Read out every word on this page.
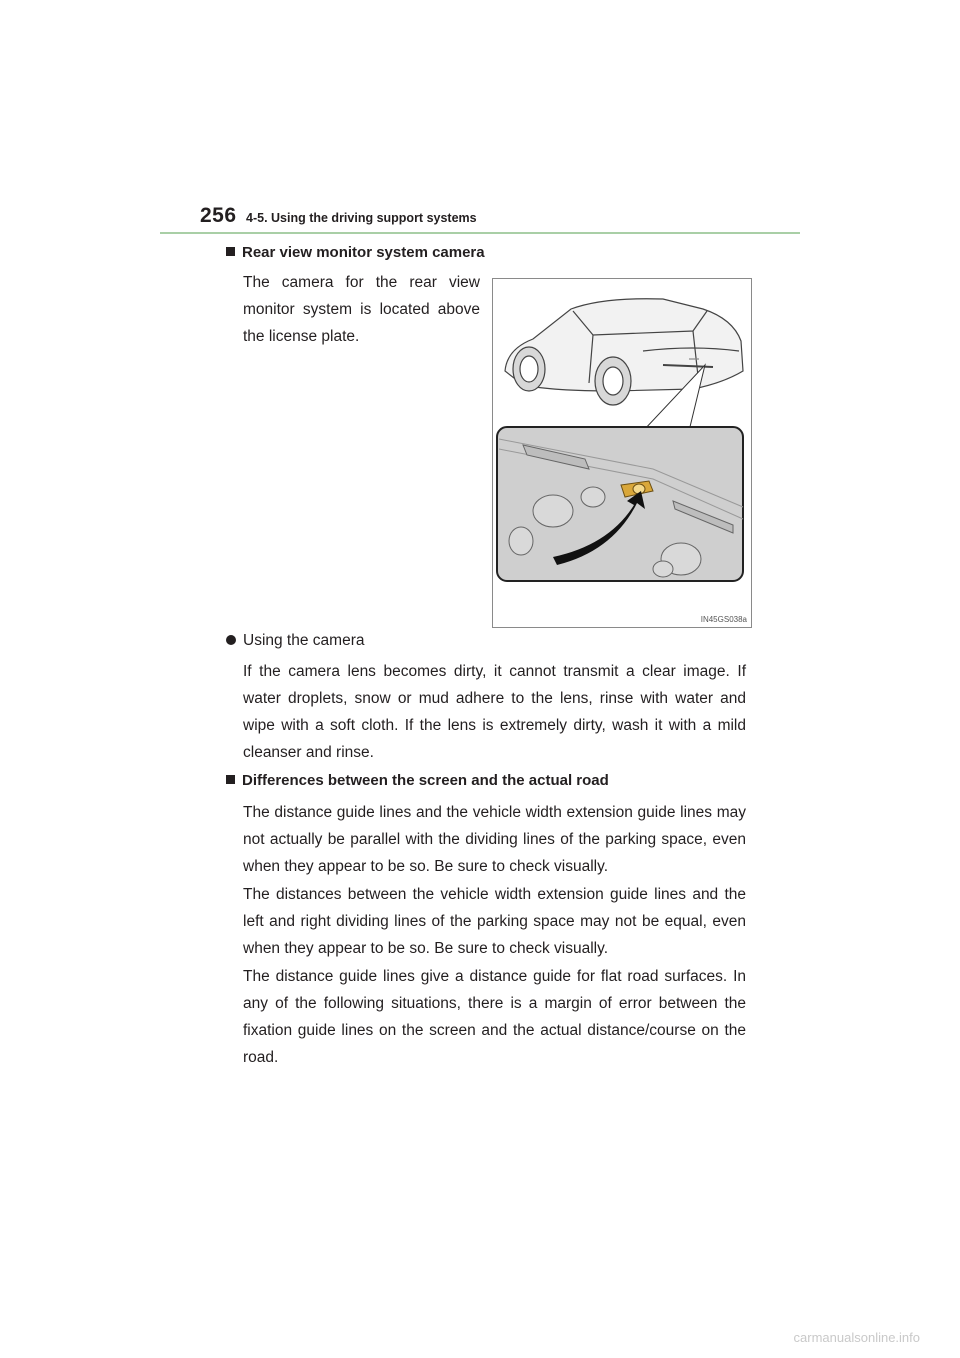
256 4-5. Using the driving support systems
Rear view monitor system camera

The camera for the rear view monitor system is located above the license plate.

IN45GS038a
Using the camera

If the camera lens becomes dirty, it cannot transmit a clear image. If water droplets, snow or mud adhere to the lens, rinse with water and wipe with a soft cloth. If the lens is extremely dirty, wash it with a mild cleanser and rinse.

Differences between the screen and the actual road

The distance guide lines and the vehicle width extension guide lines may not actually be parallel with the dividing lines of the parking space, even when they appear to be so. Be sure to check visually.

The distances between the vehicle width extension guide lines and the left and right dividing lines of the parking space may not be equal, even when they appear to be so. Be sure to check visually.

The distance guide lines give a distance guide for flat road surfaces. In any of the following situations, there is a margin of error between the fixation guide lines on the screen and the actual distance/course on the road.

carmanualsonline.info
